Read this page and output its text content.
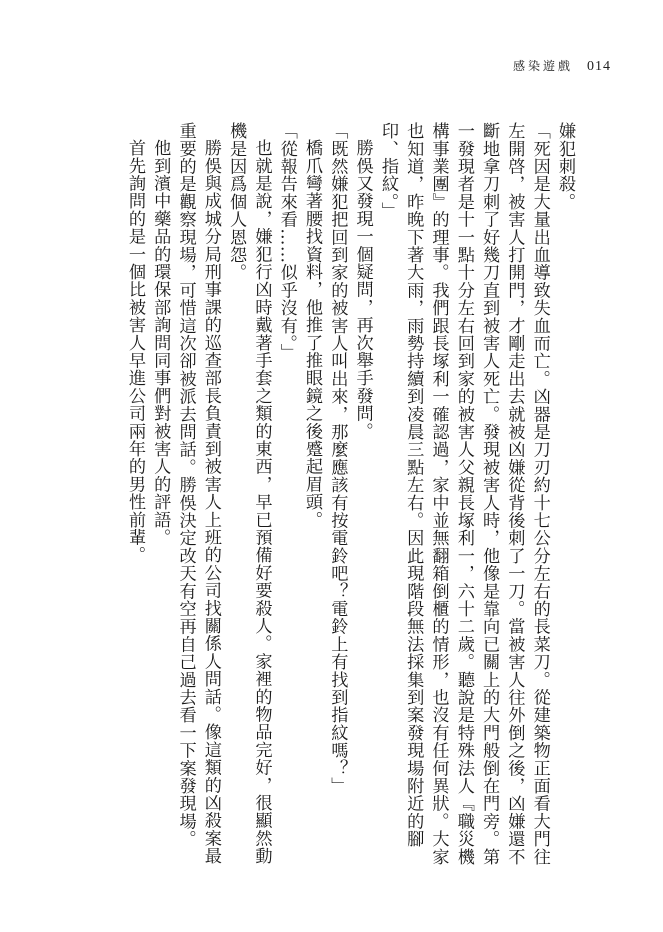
感染遊戲 014

嫌犯刺殺。

「死因是大量出血導致失血而亡。凶器是刀刃約十七公分左右的長菜刀。從建築物正面看大門往左開啓，被害人打開門，才剛走出去就被凶嫌從背後刺了一刀。當被害人往外倒之後，凶嫌還不斷地拿刀刺了好幾刀直到被害人死亡。發現被害人時，他像是靠向已關上的大門般倒在門旁。第一發現者是十一點十分左右回到家的被害人父親長塚利一，六十二歲。聽說是特殊法人『職災機構事業團』的理事。我們跟長塚利一確認過，家中並無翻箱倒櫃的情形，也沒有任何異狀。大家也知道，昨晚下著大雨，雨勢持續到凌晨三點左右。因此現階段無法採集到案發現場附近的腳印、指紋。」

勝俁又發現一個疑問，再次舉手發問。

「既然嫌犯把回到家的被害人叫出來，那麼應該有按電鈴吧？電鈴上有找到指紋嗎？」

橋爪彎著腰找資料，他推了推眼鏡之後蹙起眉頭。

「從報告來看……似乎沒有。」

也就是說，嫌犯行凶時戴著手套之類的東西，早已預備好要殺人。家裡的物品完好，很顯然動機是因爲個人恩怨。

勝俁與成城分局刑事課的巡查部長負責到被害人上班的公司找關係人問話。像這類的凶殺案最重要的是觀察現場，可惜這次卻被派去問話。勝俁決定改天有空再自己過去看一下案發現場。

他到濱中藥品的環保部詢問同事們對被害人的評語。

首先詢問的是一個比被害人早進公司兩年的男性前輩。
